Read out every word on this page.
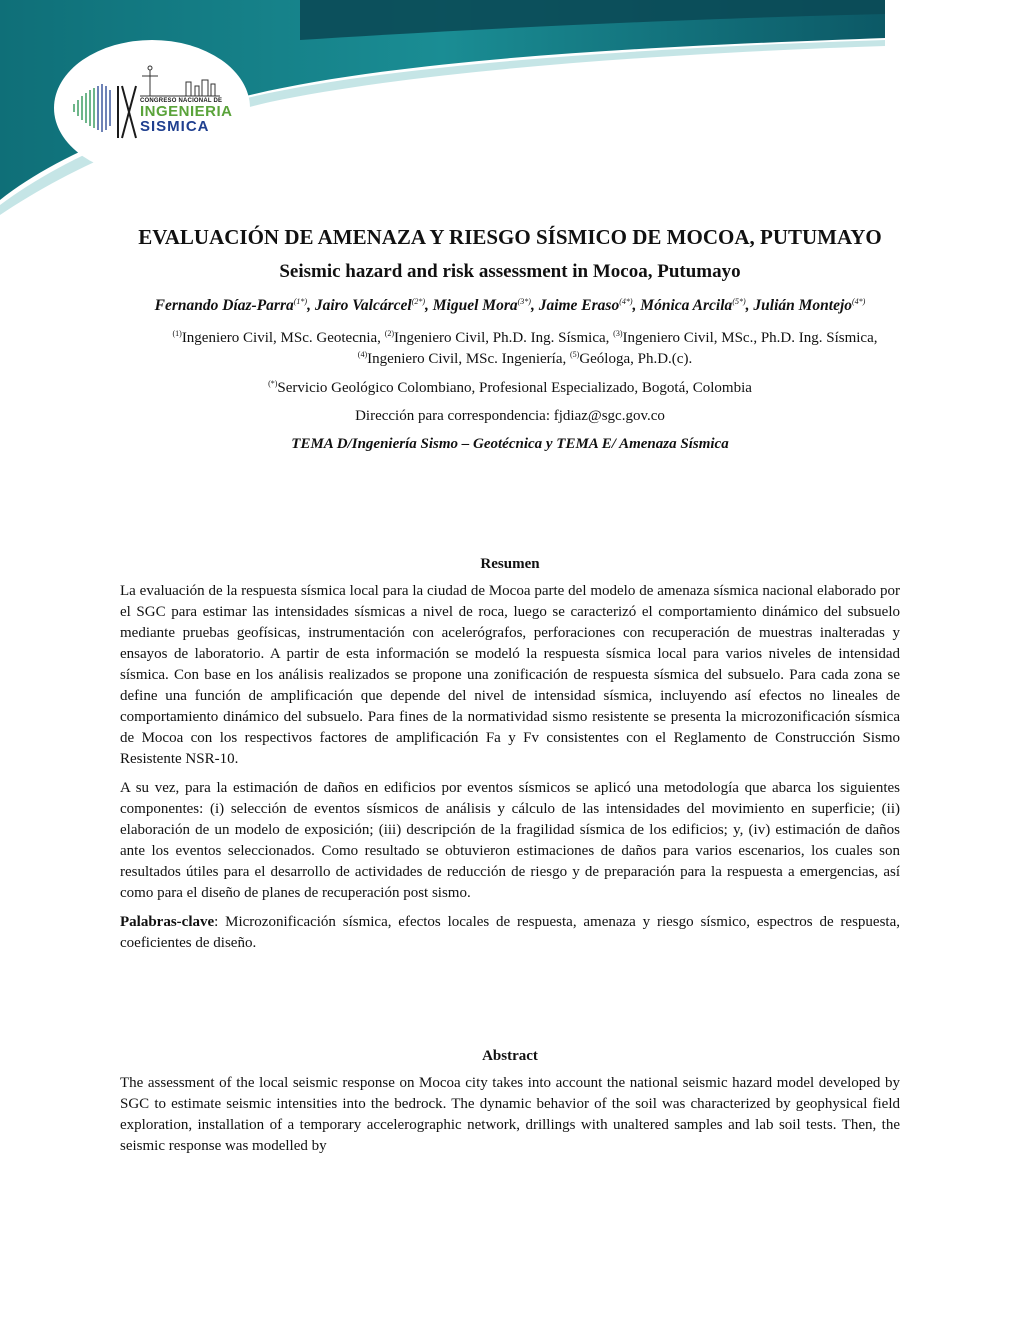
CONGRESO NACIONAL DE
INGENIERIA
SISMICA
EVALUACIÓN DE AMENAZA Y RIESGO SÍSMICO DE MOCOA, PUTUMAYO
Seismic hazard and risk assessment in Mocoa, Putumayo

Fernando Díaz-Parra$^{(1*)}$, Jairo Valcárcel$^{(2*)}$, Miguel Mora$^{(3*)}$, Jaime Eraso$^{(4*)}$, Mónica Arcila$^{(5*)}$, Julián Montejo$^{(4*)}$

$^{(1)}$Ingeniero Civil, MSc. Geotecnia, $^{(2)}$Ingeniero Civil, Ph.D. Ing. Sísmica, $^{(3)}$Ingeniero Civil, MSc., Ph.D. Ing. Sísmica, $^{(4)}$Ingeniero Civil, MSc. Ingeniería, $^{(5)}$Geóloga, Ph.D.(c).

(*)Servicio Geológico Colombiano, Profesional Especializado, Bogotá, Colombia

Dirección para correspondencia: fjdiaz@sgc.gov.co

TEMA D/Ingeniería Sismo – Geotécnica y TEMA E/ Amenaza Sísmica

Resumen

La evaluación de la respuesta sísmica local para la ciudad de Mocoa parte del modelo de amenaza sísmica nacional elaborado por el SGC para estimar las intensidades sísmicas a nivel de roca, luego se caracterizó el comportamiento dinámico del subsuelo mediante pruebas geofísicas, instrumentación con acelerógrafos, perforaciones con recuperación de muestras inalteradas y ensayos de laboratorio. A partir de esta información se modeló la respuesta sísmica local para varios niveles de intensidad sísmica. Con base en los análisis realizados se propone una zonificación de respuesta sísmica del subsuelo. Para cada zona se define una función de amplificación que depende del nivel de intensidad sísmica, incluyendo así efectos no lineales de comportamiento dinámico del subsuelo. Para fines de la normatividad sismo resistente se presenta la microzonificación sísmica de Mocoa con los respectivos factores de amplificación Fa y Fv consistentes con el Reglamento de Construcción Sismo Resistente NSR-10.

A su vez, para la estimación de daños en edificios por eventos sísmicos se aplicó una metodología que abarca los siguientes componentes: (i) selección de eventos sísmicos de análisis y cálculo de las intensidades del movimiento en superficie; (ii) elaboración de un modelo de exposición; (iii) descripción de la fragilidad sísmica de los edificios; y, (iv) estimación de daños ante los eventos seleccionados. Como resultado se obtuvieron estimaciones de daños para varios escenarios, los cuales son resultados útiles para el desarrollo de actividades de reducción de riesgo y de preparación para la respuesta a emergencias, así como para el diseño de planes de recuperación post sismo.

Palabras-clave: Microzonificación sísmica, efectos locales de respuesta, amenaza y riesgo sísmico, espectros de respuesta, coeficientes de diseño.

Abstract

The assessment of the local seismic response on Mocoa city takes into account the national seismic hazard model developed by SGC to estimate seismic intensities into the bedrock. The dynamic behavior of the soil was characterized by geophysical field exploration, installation of a temporary accelerographic network, drillings with unaltered samples and lab soil tests. Then, the seismic response was modelled by
